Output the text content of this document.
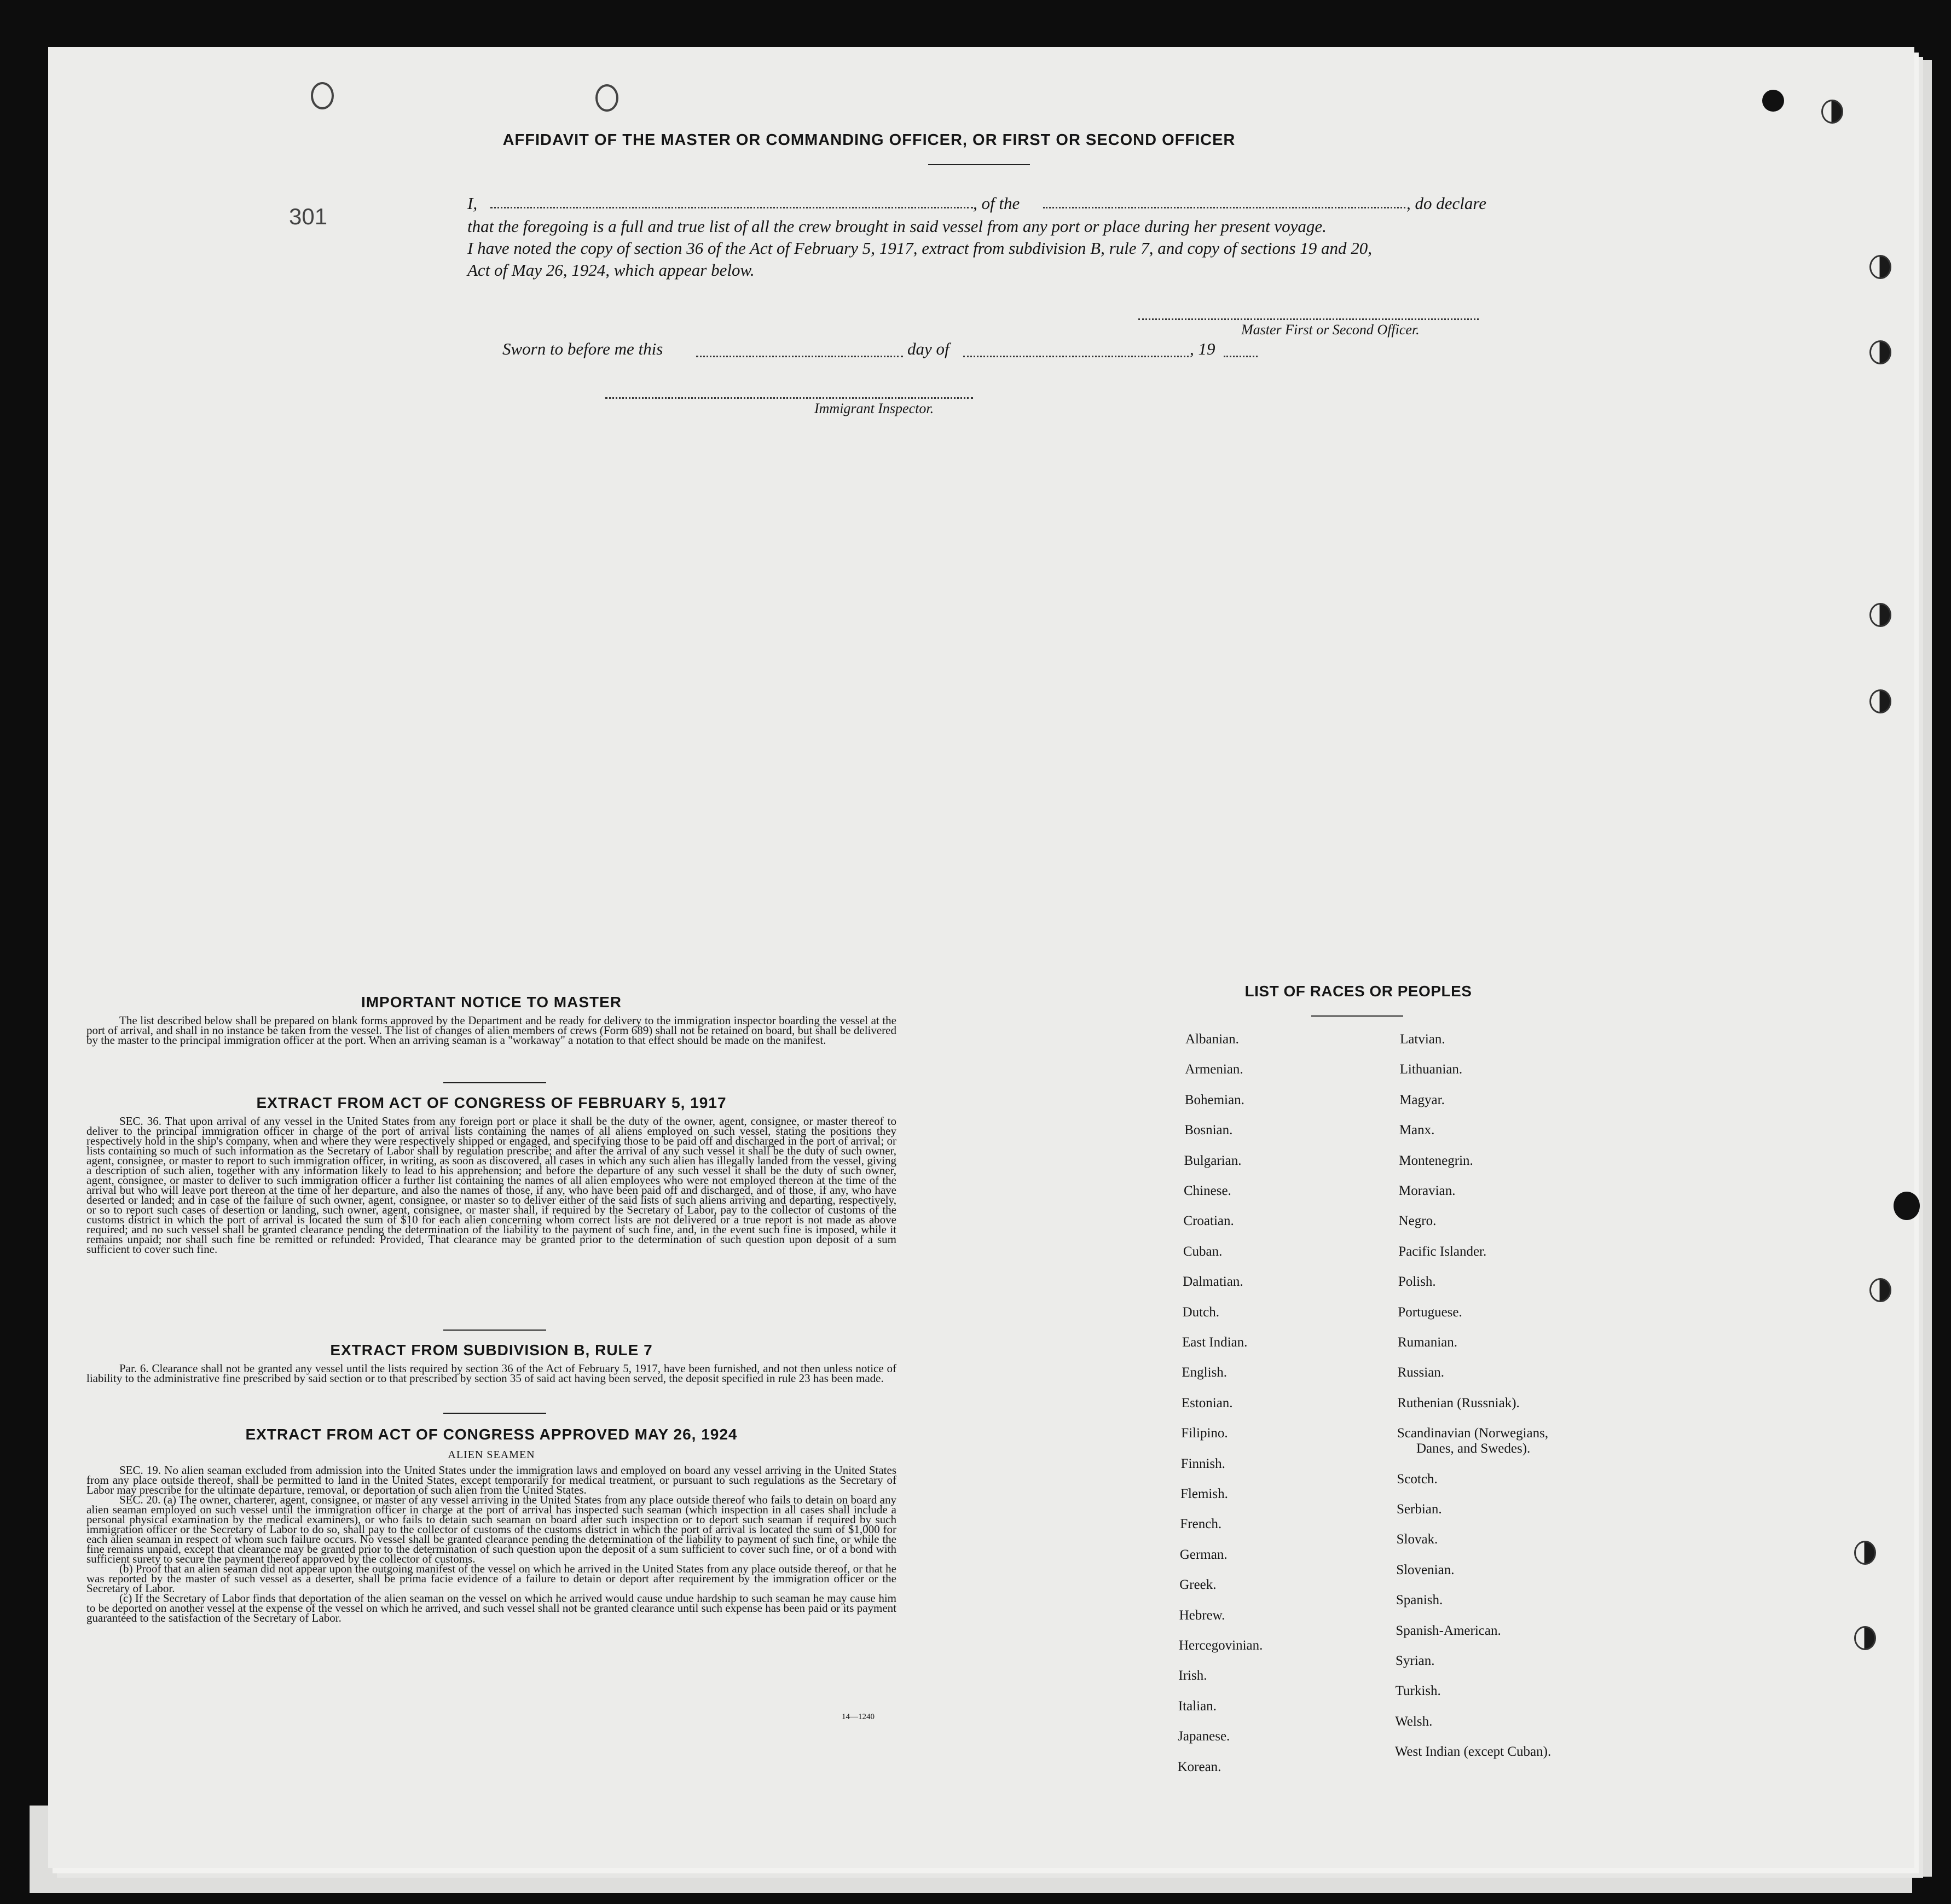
301
AFFIDAVIT OF THE MASTER OR COMMANDING OFFICER, OR FIRST OR SECOND OFFICER
I,	, of the	, do declare
that the foregoing is a full and true list of all the crew brought in said vessel from any port or place during her present voyage.
I have noted the copy of section 36 of the Act of February 5, 1917, extract from subdivision B, rule 7, and copy of sections 19 and 20,
Act of May 26, 1924, which appear below.
Master First or Second Officer.
Sworn to before me this	day of	, 19
Immigrant Inspector.
IMPORTANT NOTICE TO MASTER
The list described below shall be prepared on blank forms approved by the Department and be ready for delivery to the immigration inspector boarding the vessel at the port of arrival, and shall in no instance be taken from the vessel. The list of changes of alien members of crews (Form 689) shall not be retained on board, but shall be delivered by the master to the principal immigration officer at the port. When an arriving seaman is a "workaway" a notation to that effect should be made on the manifest.
EXTRACT FROM ACT OF CONGRESS OF FEBRUARY 5, 1917
SEC. 36. That upon arrival of any vessel in the United States from any foreign port or place it shall be the duty of the owner, agent, consignee, or master thereof to deliver to the principal immigration officer in charge of the port of arrival lists containing the names of all aliens employed on such vessel, stating the positions they respectively hold in the ship's company, when and where they were respectively shipped or engaged, and specifying those to be paid off and discharged in the port of arrival; or lists containing so much of such information as the Secretary of Labor shall by regulation prescribe; and after the arrival of any such vessel it shall be the duty of such owner, agent, consignee, or master to report to such immigration officer, in writing, as soon as discovered, all cases in which any such alien has illegally landed from the vessel, giving a description of such alien, together with any information likely to lead to his apprehension; and before the departure of any such vessel it shall be the duty of such owner, agent, consignee, or master to deliver to such immigration officer a further list containing the names of all alien employees who were not employed thereon at the time of the arrival but who will leave port thereon at the time of her departure, and also the names of those, if any, who have been paid off and discharged, and of those, if any, who have deserted or landed; and in case of the failure of such owner, agent, consignee, or master so to deliver either of the said lists of such aliens arriving and departing, respectively, or so to report such cases of desertion or landing, such owner, agent, consignee, or master shall, if required by the Secretary of Labor, pay to the collector of customs of the customs district in which the port of arrival is located the sum of $10 for each alien concerning whom correct lists are not delivered or a true report is not made as above required; and no such vessel shall be granted clearance pending the determination of the liability to the payment of such fine, and, in the event such fine is imposed, while it remains unpaid; nor shall such fine be remitted or refunded: Provided, That clearance may be granted prior to the determination of such question upon deposit of a sum sufficient to cover such fine.
EXTRACT FROM SUBDIVISION B, RULE 7
Par. 6. Clearance shall not be granted any vessel until the lists required by section 36 of the Act of February 5, 1917, have been furnished, and not then unless notice of liability to the administrative fine prescribed by said section or to that prescribed by section 35 of said act having been served, the deposit specified in rule 23 has been made.
EXTRACT FROM ACT OF CONGRESS APPROVED MAY 26, 1924
ALIEN SEAMEN

SEC. 19. No alien seaman excluded from admission into the United States under the immigration laws and employed on board any vessel arriving in the United States from any place outside thereof, shall be permitted to land in the United States, except temporarily for medical treatment, or pursuant to such regulations as the Secretary of Labor may prescribe for the ultimate departure, removal, or deportation of such alien from the United States.

SEC. 20. (a) The owner, charterer, agent, consignee, or master of any vessel arriving in the United States from any place outside thereof who fails to detain on board any alien seaman employed on such vessel until the immigration officer in charge at the port of arrival has inspected such seaman (which inspection in all cases shall include a personal physical examination by the medical examiners), or who fails to detain such seaman on board after such inspection or to deport such seaman if required by such immigration officer or the Secretary of Labor to do so, shall pay to the collector of customs of the customs district in which the port of arrival is located the sum of $1,000 for each alien seaman in respect of whom such failure occurs. No vessel shall be granted clearance pending the determination of the liability to payment of such fine, or while the fine remains unpaid, except that clearance may be granted prior to the determination of such question upon the deposit of a sum sufficient to cover such fine, or of a bond with sufficient surety to secure the payment thereof approved by the collector of customs.

(b) Proof that an alien seaman did not appear upon the outgoing manifest of the vessel on which he arrived in the United States from any place outside thereof, or that he was reported by the master of such vessel as a deserter, shall be prima facie evidence of a failure to detain or deport after requirement by the immigration officer or the Secretary of Labor.

(c) If the Secretary of Labor finds that deportation of the alien seaman on the vessel on which he arrived would cause undue hardship to such seaman he may cause him to be deported on another vessel at the expense of the vessel on which he arrived, and such vessel shall not be granted clearance until such expense has been paid or its payment guaranteed to the satisfaction of the Secretary of Labor.

14—1240
LIST OF RACES OR PEOPLES
Albanian.
Armenian.
Bohemian.
Bosnian.
Bulgarian.
Chinese.
Croatian.
Cuban.
Dalmatian.
Dutch.
East Indian.
English.
Estonian.
Filipino.
Finnish.
Flemish.
French.
German.
Greek.
Hebrew.
Hercegovinian.
Irish.
Italian.
Japanese.
Korean.
Latvian.
Lithuanian.
Magyar.
Manx.
Montenegrin.
Moravian.
Negro.
Pacific Islander.
Polish.
Portuguese.
Rumanian.
Russian.
Ruthenian (Russniak).
Scandinavian (Norwegians,
Danes, and Swedes).
Scotch.
Serbian.
Slovak.
Slovenian.
Spanish.
Spanish-American.
Syrian.
Turkish.
Welsh.
West Indian (except Cuban).
